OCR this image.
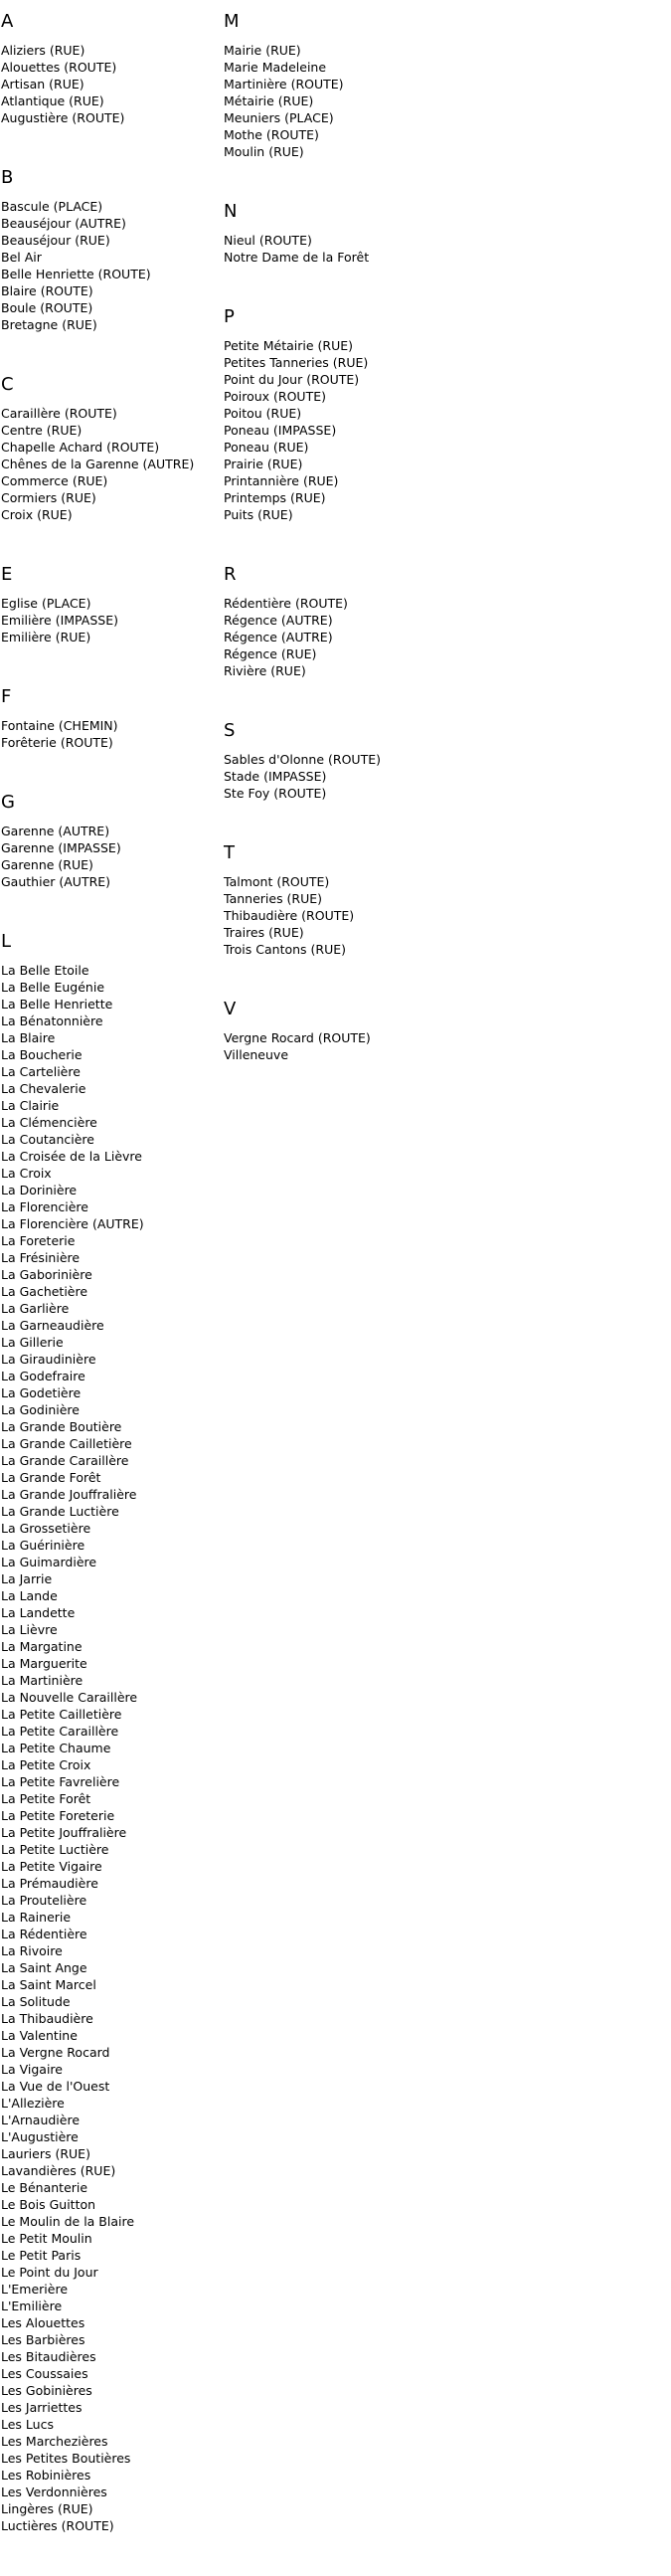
A
Aliziers (RUE)
Alouettes (ROUTE)
Artisan (RUE)
Atlantique (RUE)
Augustière (ROUTE)
B
Bascule (PLACE)
Beauséjour (AUTRE)
Beauséjour (RUE)
Bel Air
Belle Henriette (ROUTE)
Blaire (ROUTE)
Boule (ROUTE)
Bretagne (RUE)
C
Caraillère (ROUTE)
Centre (RUE)
Chapelle Achard (ROUTE)
Chênes de la Garenne (AUTRE)
Commerce (RUE)
Cormiers (RUE)
Croix (RUE)
E
Eglise (PLACE)
Emilière (IMPASSE)
Emilière (RUE)
F
Fontaine (CHEMIN)
Forêterie (ROUTE)
G
Garenne (AUTRE)
Garenne (IMPASSE)
Garenne (RUE)
Gauthier (AUTRE)
L
La Belle Etoile
La Belle Eugénie
La Belle Henriette
La Bénatonnière
La Blaire
La Boucherie
La Cartelière
La Chevalerie
La Clairie
La Clémencière
La Coutancière
La Croisée de la Lièvre
La Croix
La Dorinière
La Florencière
La Florencière (AUTRE)
La Foreterie
La Frésinière
La Gaborinière
La Gachetière
La Garlière
La Garneaudière
La Gillerie
La Giraudinière
La Godefraire
La Godetière
La Godinière
La Grande Boutière
La Grande Cailletière
La Grande Caraillère
La Grande Forêt
La Grande Jouffralière
La Grande Luctière
La Grossetière
La Guérinière
La Guimardière
La Jarrie
La Lande
La Landette
La Lièvre
La Margatine
La Marguerite
La Martinière
La Nouvelle Caraillère
La Petite Cailletière
La Petite Caraillère
La Petite Chaume
La Petite Croix
La Petite Favrelière
La Petite Forêt
La Petite Foreterie
La Petite Jouffralière
La Petite Luctière
La Petite Vigaire
La Prémaudière
La Proutelière
La Rainerie
La Rédentière
La Rivoire
La Saint Ange
La Saint Marcel
La Solitude
La Thibaudière
La Valentine
La Vergne Rocard
La Vigaire
La Vue de l'Ouest
L'Allezière
L'Arnaudière
L'Augustière
Lauriers (RUE)
Lavandières (RUE)
Le Bénanterie
Le Bois Guitton
Le Moulin de la Blaire
Le Petit Moulin
Le Petit Paris
Le Point du Jour
L'Emerière
L'Emilière
Les Alouettes
Les Barbières
Les Bitaudières
Les Coussaies
Les Gobinières
Les Jarriettes
Les Lucs
Les Marchezières
Les Petites Boutières
Les Robinières
Les Verdonnières
Lingères (RUE)
Luctières (ROUTE)
M
Mairie (RUE)
Marie Madeleine
Martinière (ROUTE)
Métairie (RUE)
Meuniers (PLACE)
Mothe (ROUTE)
Moulin (RUE)
N
Nieul (ROUTE)
Notre Dame de la Forêt
P
Petite Métairie (RUE)
Petites Tanneries (RUE)
Point du Jour (ROUTE)
Poiroux (ROUTE)
Poitou (RUE)
Poneau (IMPASSE)
Poneau (RUE)
Prairie (RUE)
Printannière (RUE)
Printemps (RUE)
Puits (RUE)
R
Rédentière (ROUTE)
Régence (AUTRE)
Régence (AUTRE)
Régence (RUE)
Rivière (RUE)
S
Sables d'Olonne (ROUTE)
Stade (IMPASSE)
Ste Foy (ROUTE)
T
Talmont (ROUTE)
Tanneries (RUE)
Thibaudière (ROUTE)
Traires (RUE)
Trois Cantons (RUE)
V
Vergne Rocard (ROUTE)
Villeneuve
